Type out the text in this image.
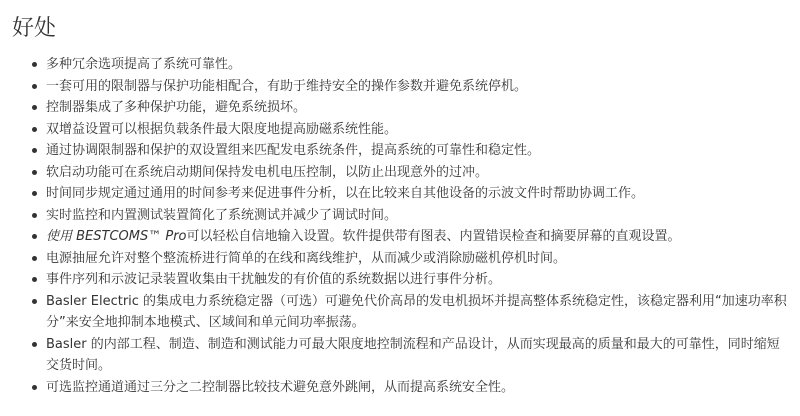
好处
多种冗余选项提高了系统可靠性。
一套可用的限制器与保护功能相配合，有助于维持安全的操作参数并避免系统停机。
控制器集成了多种保护功能，避免系统损坏。
双增益设置可以根据负载条件最大限度地提高励磁系统性能。
通过协调限制器和保护的双设置组来匹配发电系统条件，提高系统的可靠性和稳定性。
软启动功能可在系统启动期间保持发电机电压控制，以防止出现意外的过冲。
时间同步规定通过通用的时间参考来促进事件分析，以在比较来自其他设备的示波文件时帮助协调工作。
实时监控和内置测试装置简化了系统测试并减少了调试时间。
使用 BESTCOMS™ Pro可以轻松自信地输入设置。软件提供带有图表、内置错误检查和摘要屏幕的直观设置。
电源抽屉允许对整个整流桥进行简单的在线和离线维护，从而减少或消除励磁机停机时间。
事件序列和示波记录装置收集由干扰触发的有价值的系统数据以进行事件分析。
Basler Electric 的集成电力系统稳定器（可选）可避免代价高昂的发电机损坏并提高整体系统稳定性，该稳定器利用“加速功率积分”来安全地抑制本地模式、区域间和单元间功率振荡。
Basler 的内部工程、制造、制造和测试能力可最大限度地控制流程和产品设计，从而实现最高的质量和最大的可靠性，同时缩短交货时间。
可选监控通道通过三分之二控制器比较技术避免意外跳闸，从而提高系统安全性。
